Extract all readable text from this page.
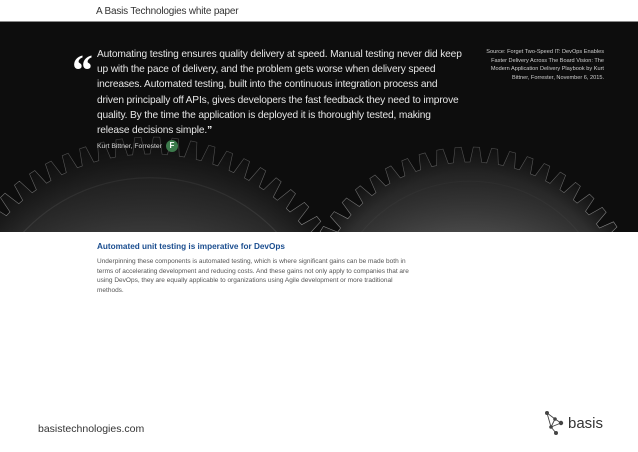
A Basis Technologies white paper
“ Automating testing ensures quality delivery at speed. Manual testing never did keep up with the pace of delivery, and the problem gets worse when delivery speed increases. Automated testing, built into the continuous integration process and driven principally off APIs, gives developers the fast feedback they need to improve quality. By the time the application is deployed it is thoroughly tested, making release decisions simple.”

Kurt Bittner, Forrester F
Source: Forget Two-Speed IT: DevOps Enables Faster Delivery Across The Board Vision: The Modern Application Delivery Playbook by Kurt Bittner, Forrester, November 6, 2015.
Automated unit testing is imperative for DevOps

Underpinning these components is automated testing, which is where significant gains can be made both in terms of accelerating development and reducing costs. And these gains not only apply to companies that are using DevOps, they are equally applicable to organizations using Agile development or more traditional methods.

basistechnologies.com	basis
